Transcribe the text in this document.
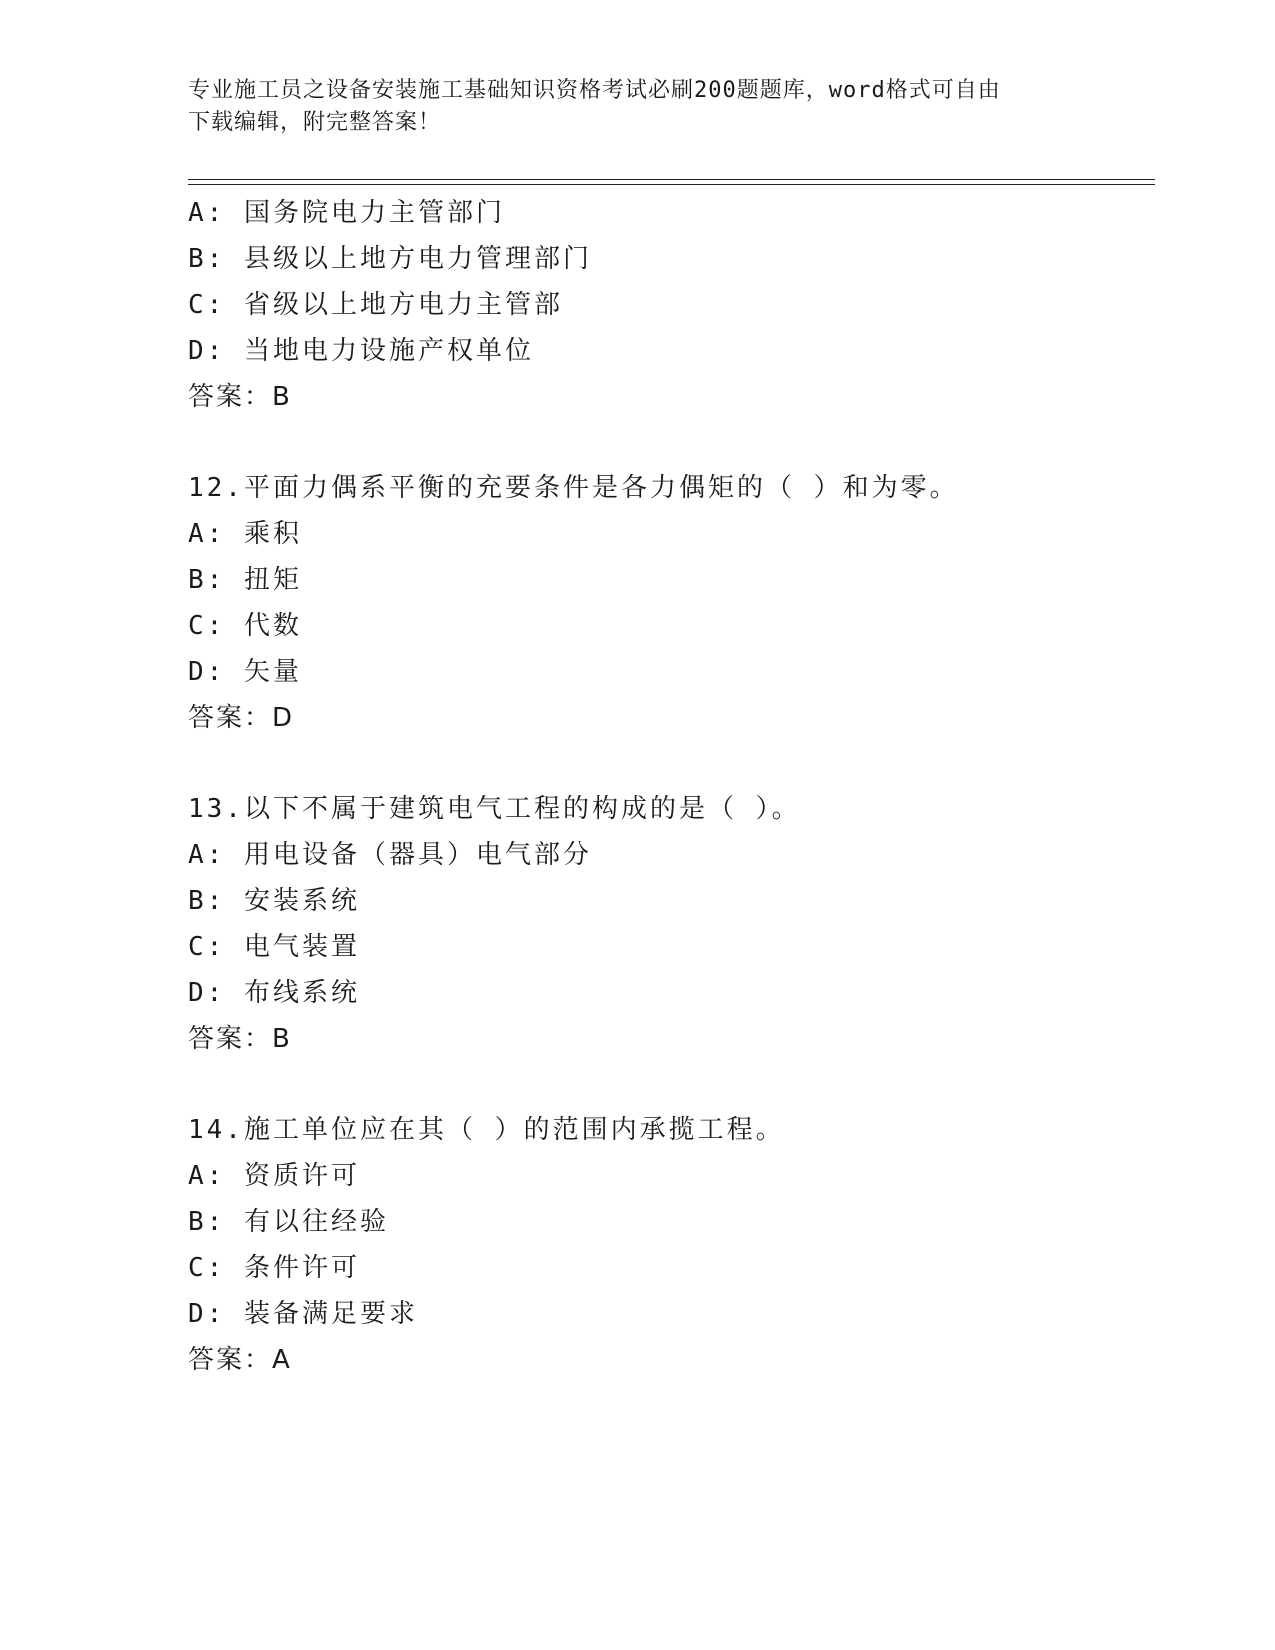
专业施工员之设备安装施工基础知识资格考试必刷200题题库，word格式可自由
下载编辑，附完整答案！
A: 国务院电力主管部门
B: 县级以上地方电力管理部门
C: 省级以上地方电力主管部
D: 当地电力设施产权单位
答案：B
12.平面力偶系平衡的充要条件是各力偶矩的（ ）和为零。
A: 乘积
B: 扭矩
C: 代数
D: 矢量
答案：D
13.以下不属于建筑电气工程的构成的是（ ）。
A: 用电设备（器具）电气部分
B: 安装系统
C: 电气装置
D: 布线系统
答案：B
14.施工单位应在其（ ）的范围内承揽工程。
A: 资质许可
B: 有以往经验
C: 条件许可
D: 装备满足要求
答案：A
